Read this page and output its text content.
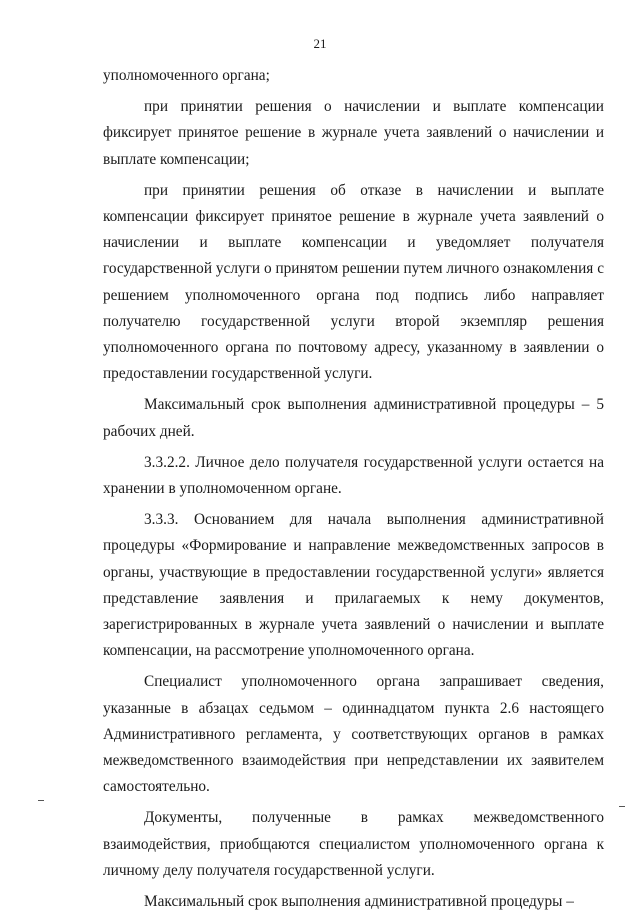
21

уполномоченного органа;

при принятии решения о начислении и выплате компенсации фиксирует принятое решение в журнале учета заявлений о начислении и выплате компенсации;

при принятии решения об отказе в начислении и выплате компенсации фиксирует принятое решение в журнале учета заявлений о начислении и выплате компенсации и уведомляет получателя государственной услуги о принятом решении путем личного ознакомления с решением уполномоченного органа под подпись либо направляет получателю государственной услуги второй экземпляр решения уполномоченного органа по почтовому адресу, указанному в заявлении о предоставлении государственной услуги.

Максимальный срок выполнения административной процедуры – 5 рабочих дней.

3.3.2.2. Личное дело получателя государственной услуги остается на хранении в уполномоченном органе.

3.3.3. Основанием для начала выполнения административной процедуры «Формирование и направление межведомственных запросов в органы, участвующие в предоставлении государственной услуги» является представление заявления и прилагаемых к нему документов, зарегистрированных в журнале учета заявлений о начислении и выплате компенсации, на рассмотрение уполномоченного органа.

Специалист уполномоченного органа запрашивает сведения, указанные в абзацах седьмом – одиннадцатом пункта 2.6 настоящего Административного регламента, у соответствующих органов в рамках межведомственного взаимодействия при непредставлении их заявителем самостоятельно.

Документы, полученные в рамках межведомственного взаимодействия, приобщаются специалистом уполномоченного органа к личному делу получателя государственной услуги.

Максимальный срок выполнения административной процедуры –
